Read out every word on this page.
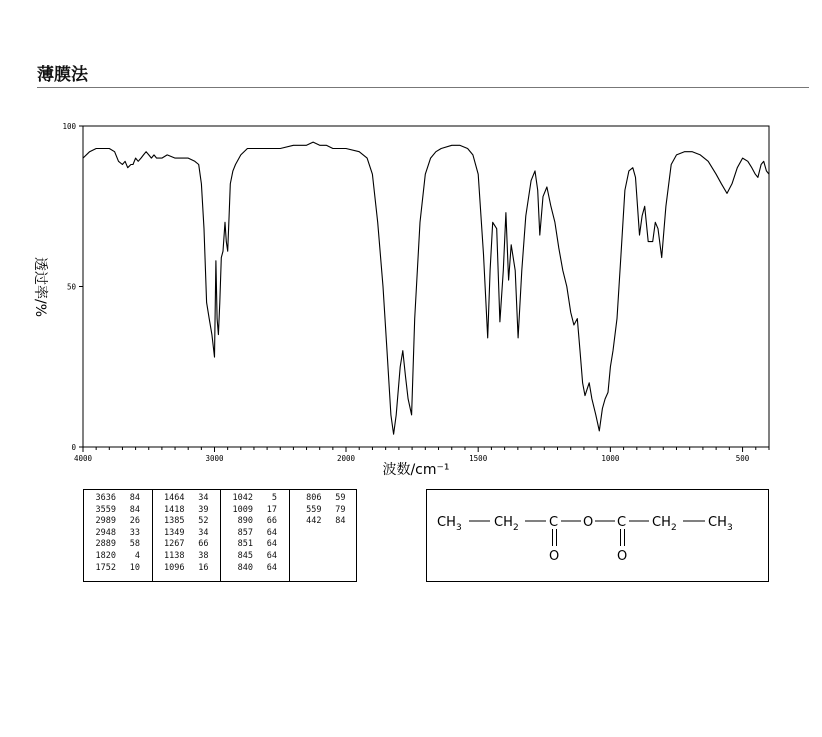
薄膜法
100
50
0
4000	3000	2000	1500	1000	500
波数/cm⁻¹
透过率/%
3636	84
3559	84
2989	26
2948	33
2889	58
1820	4
1752	10
1464	34
1418	39
1385	52
1349	34
1267	66
1138	38
1096	16
1042	5
1009	17
890	66
857	64
851	64
845	64
840	64
806	59
559	79
442	84	CH 3 CH 2 C O C CH 2 CH 3
O	O
